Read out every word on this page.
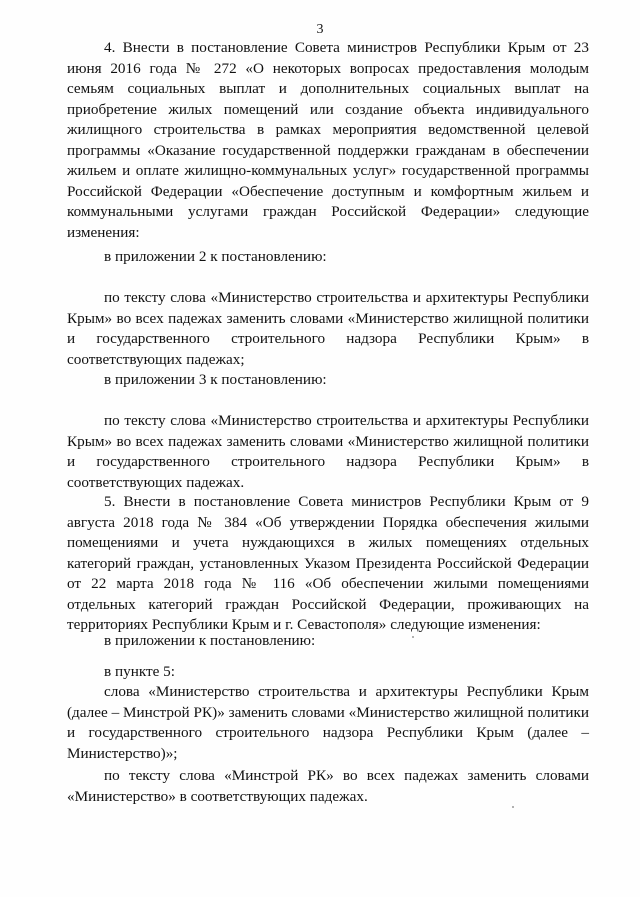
3

4. Внести в постановление Совета министров Республики Крым от 23 июня 2016 года № 272 «О некоторых вопросах предоставления молодым семьям социальных выплат и дополнительных социальных выплат на приобретение жилых помещений или создание объекта индивидуального жилищного строительства в рамках мероприятия ведомственной целевой программы «Оказание государственной поддержки гражданам в обеспечении жильем и оплате жилищно-коммунальных услуг» государственной программы Российской Федерации «Обеспечение доступным и комфортным жильем и коммунальными услугами граждан Российской Федерации» следующие изменения:

в приложении 2 к постановлению:

по тексту слова «Министерство строительства и архитектуры Республики Крым» во всех падежах заменить словами «Министерство жилищной политики и государственного строительного надзора Республики Крым» в соответствующих падежах;

в приложении 3 к постановлению:

по тексту слова «Министерство строительства и архитектуры Республики Крым» во всех падежах заменить словами «Министерство жилищной политики и государственного строительного надзора Республики Крым» в соответствующих падежах.

5. Внести в постановление Совета министров Республики Крым от 9 августа 2018 года № 384 «Об утверждении Порядка обеспечения жилыми помещениями и учета нуждающихся в жилых помещениях отдельных категорий граждан, установленных Указом Президента Российской Федерации от 22 марта 2018 года № 116 «Об обеспечении жилыми помещениями отдельных категорий граждан Российской Федерации, проживающих на территориях Республики Крым и г. Севастополя» следующие изменения:

в приложении к постановлению:

в пункте 5:

слова «Министерство строительства и архитектуры Республики Крым (далее – Минстрой РК)» заменить словами «Министерство жилищной политики и государственного строительного надзора Республики Крым (далее – Министерство)»;

по тексту слова «Минстрой РК» во всех падежах заменить словами «Министерство» в соответствующих падежах.
